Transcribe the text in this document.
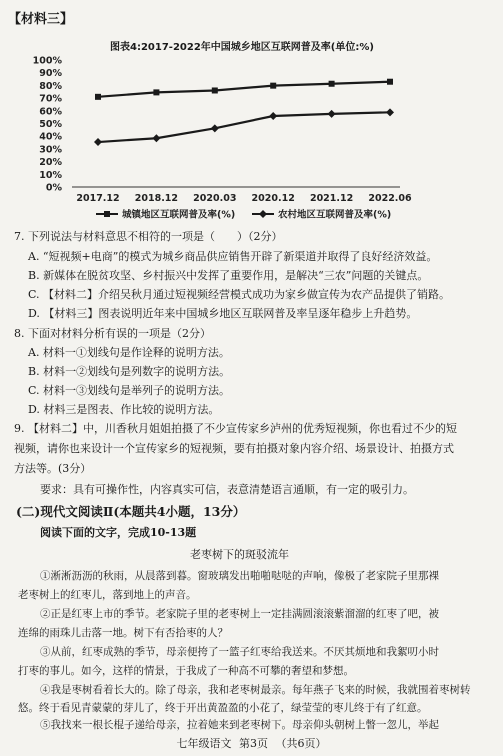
【材料三】
图表4:2017-2022年中国城乡地区互联网普及率(单位:%)
0%
10%
20%
30%
40%
50%
60%
70%
80%
90%
100%
2017.12 2018.12 2020.03 2020.12 2021.12 2022.06
城镇地区互联网普及率(%)	农村地区互联网普及率(%)
7. 下列说法与材料意思不相符的一项是（　　）（2分）
A. “短视频+电商”的模式为城乡商品供应销售开辟了新渠道并取得了良好经济效益。
B. 新媒体在脱贫攻坚、乡村振兴中发挥了重要作用，是解决“三农”问题的关键点。
C. 【材料二】介绍吴秋月通过短视频经营模式成功为家乡做宣传为农产品提供了销路。
D. 【材料三】图表说明近年来中国城乡地区互联网普及率呈逐年稳步上升趋势。
8. 下面对材料分析有误的一项是（2分）
A. 材料一①划线句是作诠释的说明方法。
B. 材料一②划线句是列数字的说明方法。
C. 材料一③划线句是举列子的说明方法。
D. 材料三是图表、作比较的说明方法。
9. 【材料二】中，川香秋月姐姐拍摄了不少宣传家乡泸州的优秀短视频，你也看过不少的短
视频，请你也来设计一个宣传家乡的短视频，要有拍摄对象内容介绍、场景设计、拍摄方式
方法等。(3分）
要求：具有可操作性，内容真实可信，表意清楚语言通顺，有一定的吸引力。
(二)现代文阅读Ⅱ(本题共4小题，13分）
阅读下面的文字，完成10-13题
老枣树下的斑驳流年
①淅淅沥沥的秋雨，从晨落到暮。窗玻璃发出啪啪哒哒的声响，像极了老家院子里那裸
老枣树上的红枣儿，落到地上的声音。
②正是红枣上市的季节。老家院子里的老枣树上一定挂满圆滚滚紫溜溜的红枣了吧，被
连绵的雨珠儿击落一地。树下有否拾枣的人？
③从前，红枣成熟的季节，母亲便挎了一篮子红枣给我送来。不厌其烦地和我絮叨小时
打枣的事儿。如今，这样的情景，于我成了一种高不可攀的奢望和梦想。
④我是枣树看着长大的。除了母亲，我和老枣树最亲。每年燕子飞来的时候，我就围着枣树转
悠。终于看见青蒙蒙的芽儿了，终于开出黄盈盈的小花了，绿莹莹的枣儿终于有了红意。
⑤我找来一根长棍子递给母亲，拉着她来到老枣树下。母亲仰头朝树上瞥一忽儿，举起
七年级语文 第3页 （共6页）
